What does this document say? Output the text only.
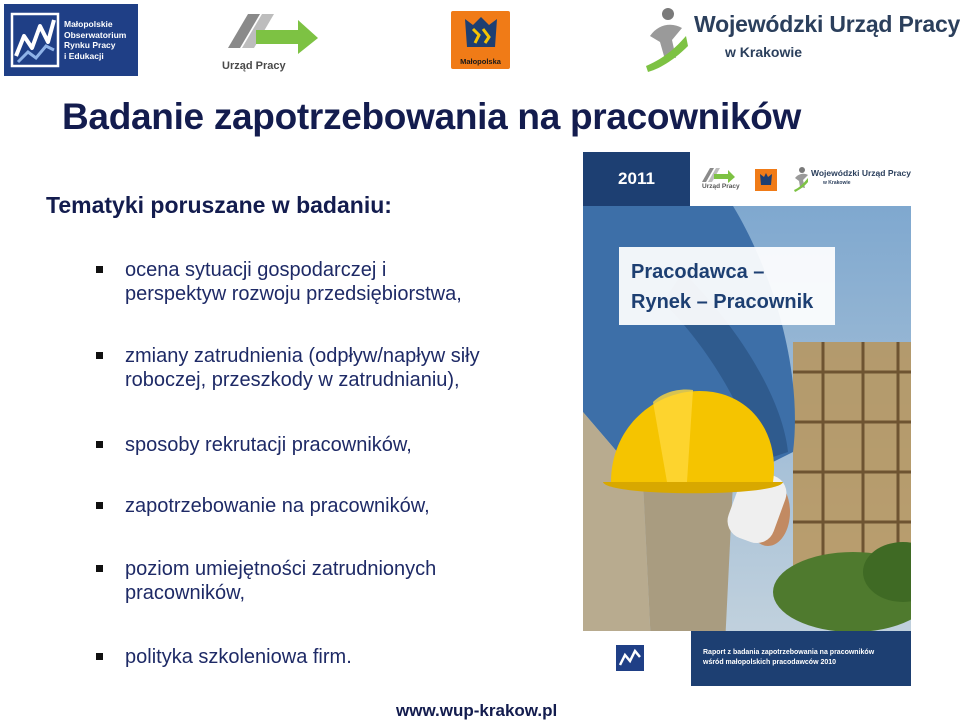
Małopolskie
Obserwatorium
Rynku Pracy
i Edukacji
Urząd Pracy	Małopolska
Wojewódzki Urząd Pracy
w Krakowie
Badanie zapotrzebowania na pracowników
Tematyki poruszane w badaniu:
ocena sytuacji gospodarczej i
perspektyw rozwoju przedsiębiorstwa,
zmiany zatrudnienia (odpływ/napływ siły
roboczej, przeszkody w zatrudnianiu),
sposoby rekrutacji pracowników,
zapotrzebowanie na pracowników,
poziom umiejętności zatrudnionych
pracowników,
polityka szkoleniowa firm.
2011	Wojewódzki Urząd Pracy
w Krakowie
Urząd Pracy
Pracodawca –
Rynek – Pracownik
Raport z badania zapotrzebowania na pracowników
wśród małopolskich pracodawców 2010
www.wup-krakow.pl
